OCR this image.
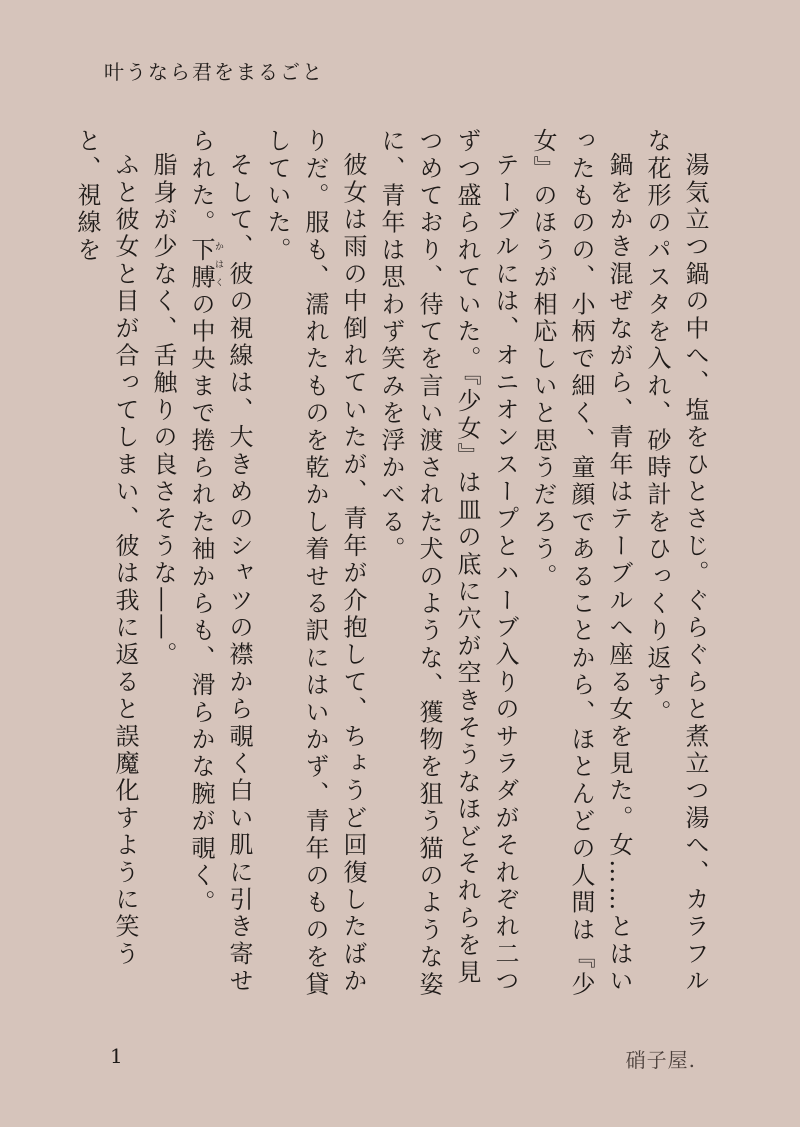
叶うなら君をまるごと

湯気立つ鍋の中へ、塩をひとさじ。ぐらぐらと煮立つ湯へ、カラフルな花形のパスタを入れ、砂時計をひっくり返す。

鍋をかき混ぜながら、青年はテーブルへ座る女を見た。女……とはいったものの、小柄で細く、童顔であることから、ほとんどの人間は『少女』のほうが相応しいと思うだろう。

テーブルには、オニオンスープとハーブ入りのサラダがそれぞれ二つずつ盛られていた。『少女』は皿の底に穴が空きそうなほどそれらを見つめており、待てを言い渡された犬のような、獲物を狙う猫のような姿に、青年は思わず笑みを浮かべる。

彼女は雨の中倒れていたが、青年が介抱して、ちょうど回復したばかりだ。服も、濡れたものを乾かし着せる訳にはいかず、青年のものを貸していた。

そして、彼の視線は、大きめのシャツの襟から覗く白い肌に引き寄せられた。下膊かはくの中央まで捲られた袖からも、滑らかな腕が覗く。

脂身が少なく、舌触りの良さそうな――。

ふと彼女と目が合ってしまい、彼は我に返ると誤魔化すように笑うと、視線を

1	硝子屋.
